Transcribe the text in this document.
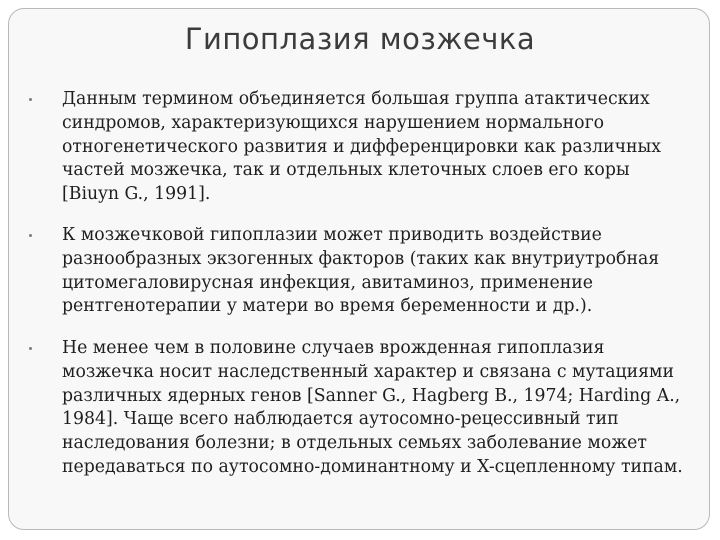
Гипоплазия мозжечка
Данным термином объединяется большая группа атактических синдромов, характеризующихся нарушением нормального отногенетического развития и дифференцировки как различных частей мозжечка, так и отдельных клеточных слоев его коры [Biuyn G., 1991].
К мозжечковой гипоплазии может приводить воздействие разнообразных экзогенных факторов (таких как внутриутробная цитомегаловирусная инфекция, авитаминоз, применение рентгенотерапии у матери во время беременности и др.).
Не менее чем в половине случаев врожденная гипоплазия мозжечка носит наследственный характер и связана с мутациями различных ядерных генов [Sanner G., Hagberg B., 1974; Harding A., 1984]. Чаще всего наблюдается аутосомно-рецессивный тип наследования болезни; в отдельных семьях заболевание может передаваться по аутосомно-доминантному и X-сцепленному типам.
